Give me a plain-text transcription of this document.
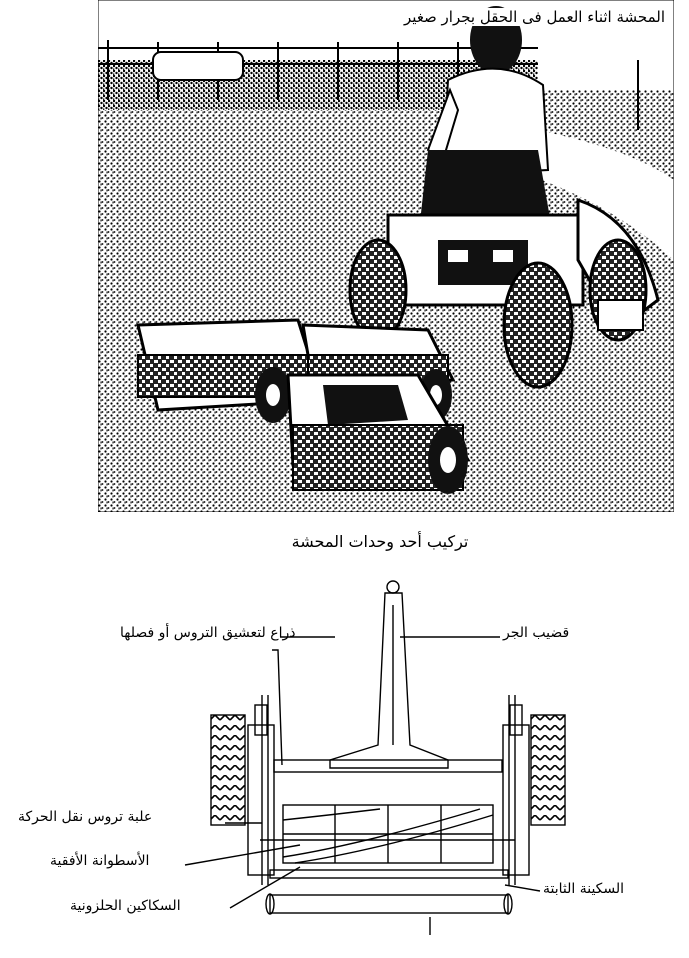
المحشة اثناء العمل فى الحقل بجرار صغير
تركيب أحد وحدات المحشة
قضيب الجر
ذراع لتعشيق التروس أو فصلها
علبة تروس نقل الحركة
الأسطوانة الأفقية
السكاكين الحلزونية
السكينة الثابتة
